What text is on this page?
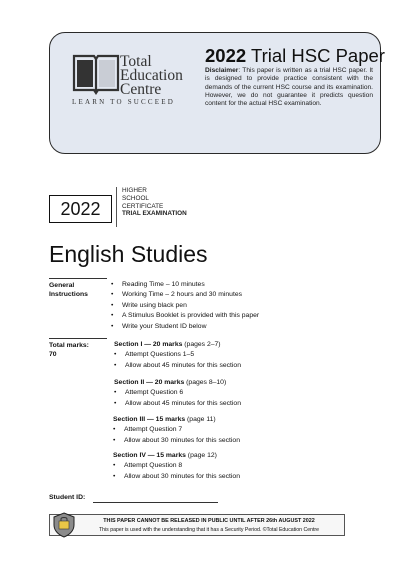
Total
Education
Centre
LEARN TO SUCCEED
2022 Trial HSC Paper
Disclaimer: This paper is written as a trial HSC paper. It is designed to provide practice consistent with the demands of the current HSC course and its examination. However, we do not guarantee it predicts question content for the actual HSC examination.
2022
HIGHER
SCHOOL
CERTIFICATE
TRIAL EXAMINATION
English Studies
General
Instructions
• Reading Time – 10 minutes
• Working Time – 2 hours and 30 minutes
• Write using black pen
• A Stimulus Booklet is provided with this paper
• Write your Student ID below
Total marks:
70
Section I — 20 marks (pages 2–7)
• Attempt Questions 1–5
• Allow about 45 minutes for this section
Section II — 20 marks (pages 8–10)
• Attempt Question 6
• Allow about 45 minutes for this section
Section III — 15 marks (page 11)
• Attempt Question 7
• Allow about 30 minutes for this section
Section IV — 15 marks (page 12)
• Attempt Question 8
• Allow about 30 minutes for this section
Student ID:
THIS PAPER CANNOT BE RELEASED IN PUBLIC UNTIL AFTER 26th AUGUST 2022
This paper is used with the understanding that it has a Security Period. ©Total Education Centre
